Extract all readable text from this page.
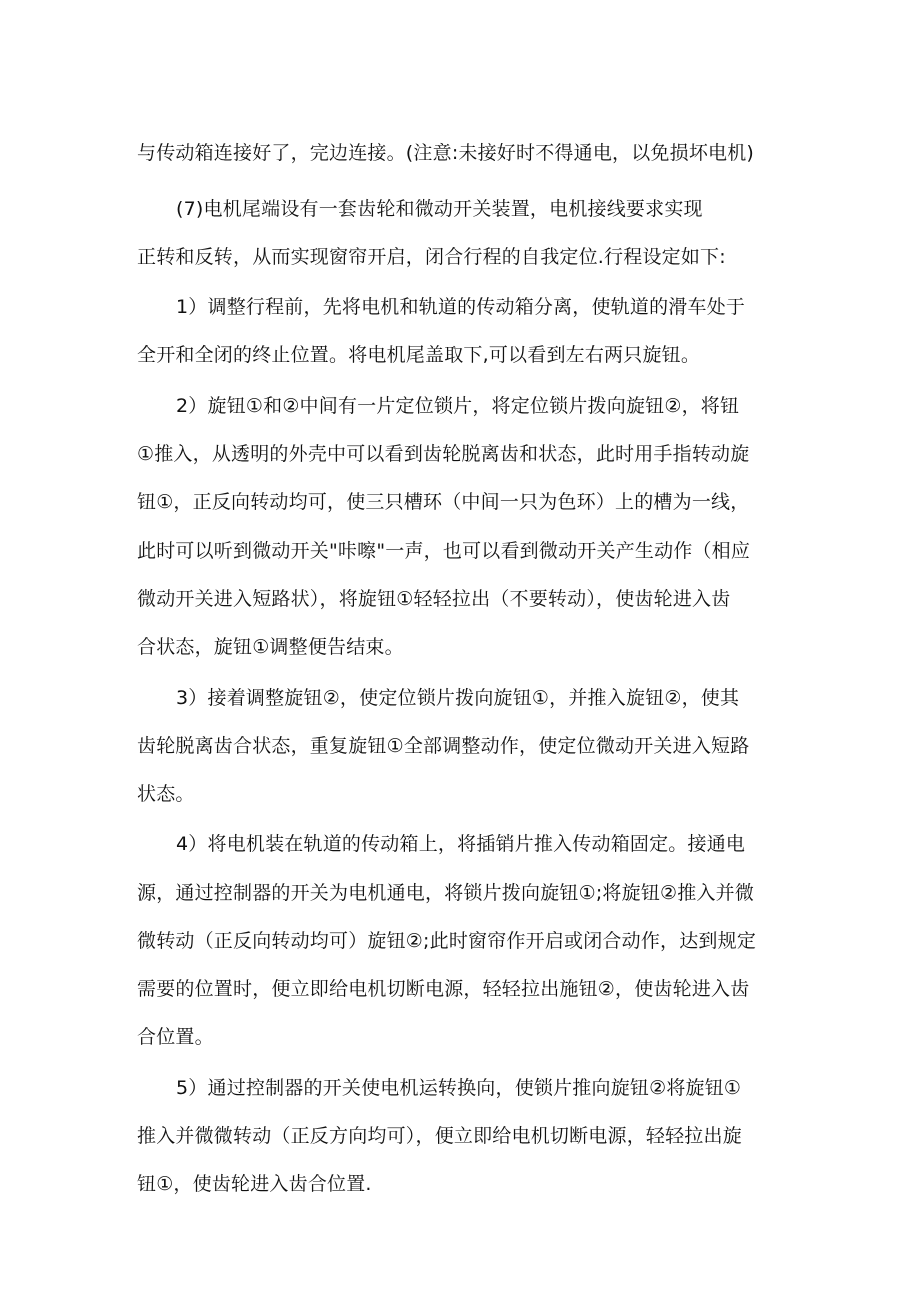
与传动箱连接好了，完边连接。(注意:未接好时不得通电，以免损坏电机)
(7)电机尾端设有一套齿轮和微动开关装置，电机接线要求实现
正转和反转，从而实现窗帘开启，闭合行程的自我定位.行程设定如下:
1）调整行程前，先将电机和轨道的传动箱分离，使轨道的滑车处于
全开和全闭的终止位置。将电机尾盖取下,可以看到左右两只旋钮。
2）旋钮①和②中间有一片定位锁片，将定位锁片拨向旋钮②，将钮
①推入，从透明的外壳中可以看到齿轮脱离齿和状态，此时用手指转动旋
钮①，正反向转动均可，使三只槽环（中间一只为色环）上的槽为一线，
此时可以听到微动开关"咔嚓"一声，也可以看到微动开关产生动作（相应
微动开关进入短路状），将旋钮①轻轻拉出（不要转动），使齿轮进入齿
合状态，旋钮①调整便告结束。
3）接着调整旋钮②，使定位锁片拨向旋钮①，并推入旋钮②，使其
齿轮脱离齿合状态，重复旋钮①全部调整动作，使定位微动开关进入短路
状态。
4）将电机装在轨道的传动箱上，将插销片推入传动箱固定。接通电
源，通过控制器的开关为电机通电，将锁片拨向旋钮①;将旋钮②推入并微
微转动（正反向转动均可）旋钮②;此时窗帘作开启或闭合动作，达到规定
需要的位置时，便立即给电机切断电源，轻轻拉出施钮②，使齿轮进入齿
合位置。
5）通过控制器的开关使电机运转换向，使锁片推向旋钮②将旋钮①
推入并微微转动（正反方向均可），便立即给电机切断电源，轻轻拉出旋
钮①，使齿轮进入齿合位置.
